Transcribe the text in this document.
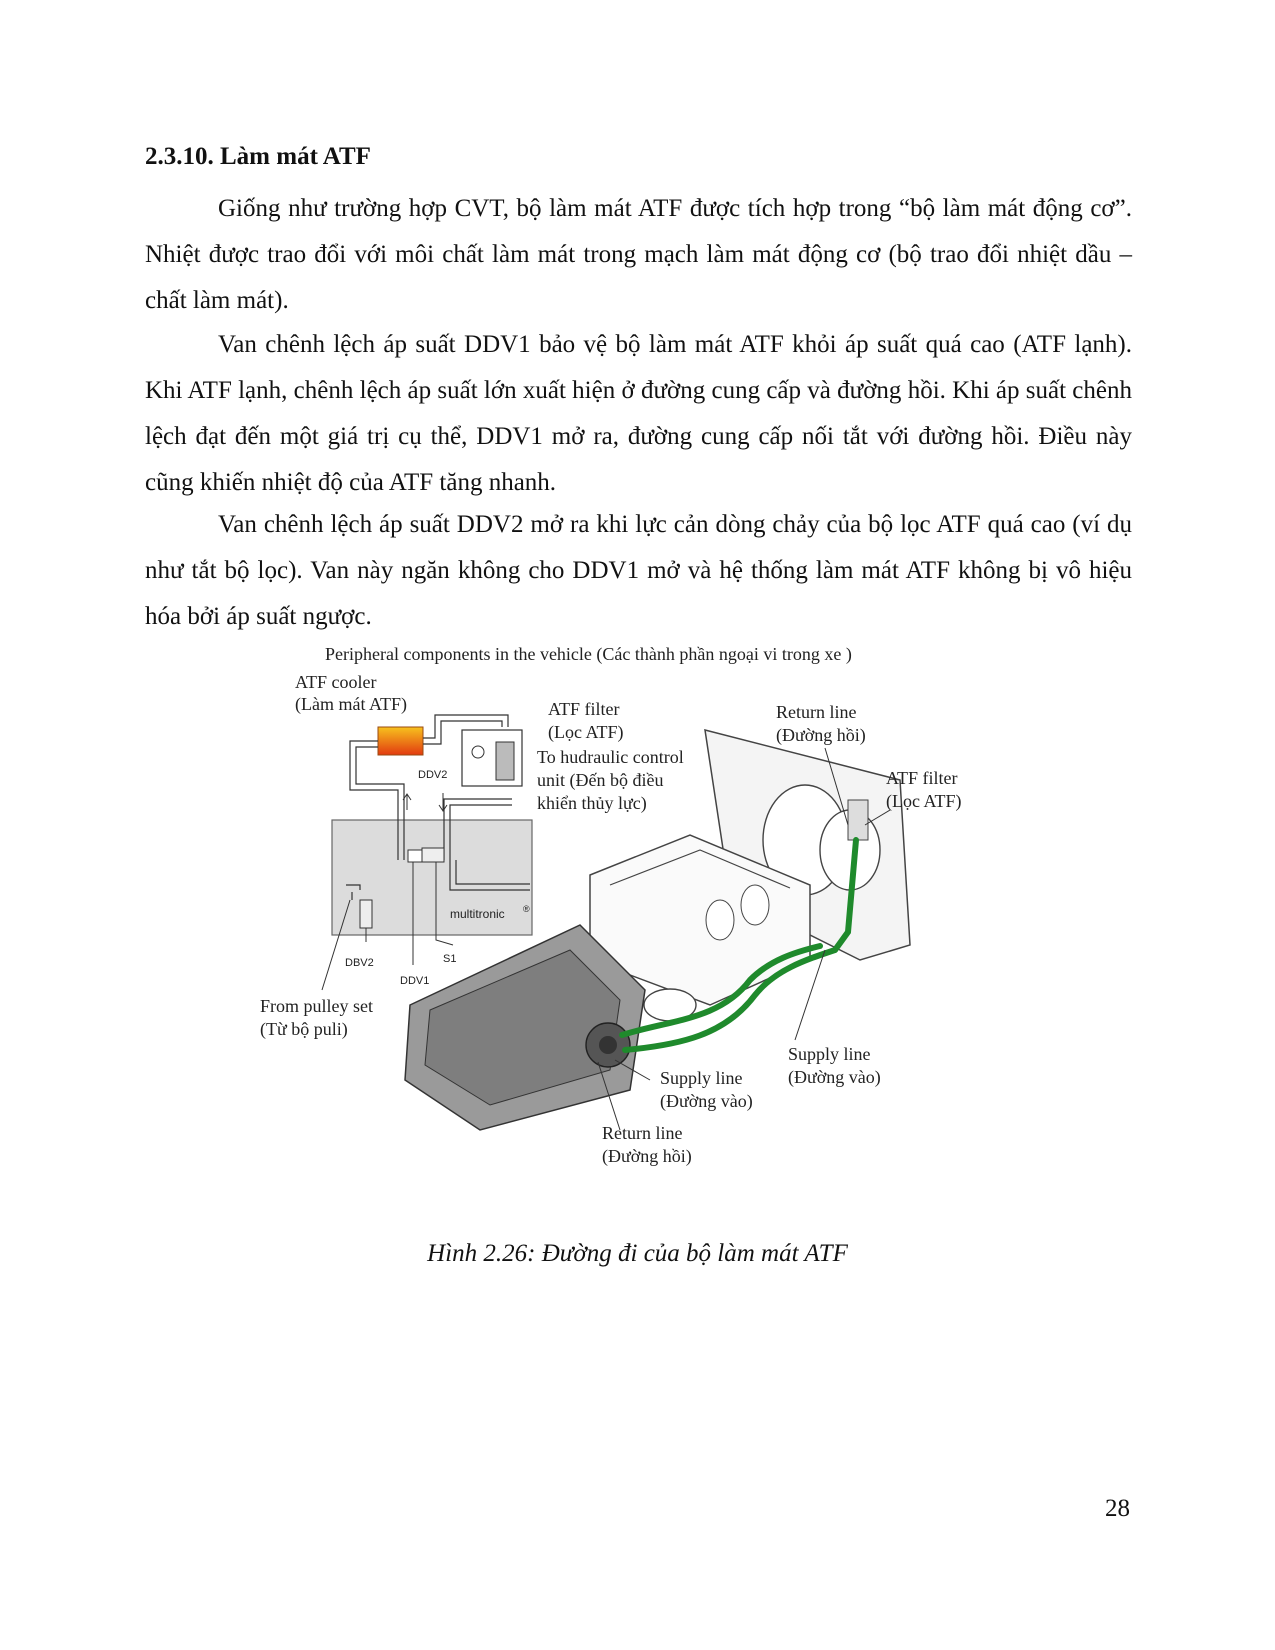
2.3.10. Làm mát ATF

Giống như trường hợp CVT, bộ làm mát ATF được tích hợp trong “bộ làm mát động cơ”. Nhiệt được trao đổi với môi chất làm mát trong mạch làm mát động cơ (bộ trao đổi nhiệt dầu – chất làm mát).

Van chênh lệch áp suất DDV1 bảo vệ bộ làm mát ATF khỏi áp suất quá cao (ATF lạnh). Khi ATF lạnh, chênh lệch áp suất lớn xuất hiện ở đường cung cấp và đường hồi. Khi áp suất chênh lệch đạt đến một giá trị cụ thể, DDV1 mở ra, đường cung cấp nối tắt với đường hồi. Điều này cũng khiến nhiệt độ của ATF tăng nhanh.

Van chênh lệch áp suất DDV2 mở ra khi lực cản dòng chảy của bộ lọc ATF quá cao (ví dụ như tắt bộ lọc). Van này ngăn không cho DDV1 mở và hệ thống làm mát ATF không bị vô hiệu hóa bởi áp suất ngược.

Peripheral components in the vehicle (Các thành phần ngoại vi trong xe )
ATF cooler
(Làm mát ATF)	ATF filter
(Lọc ATF)
To hudraulic control
unit (Đến bộ điều
khiển thủy lực)
DDV2
multitronic ®
DBV2	S1
DDV1
From pulley set
(Từ bộ puli)
Return line
(Đường hồi)
ATF filter
(Lọc ATF)
Supply line
(Đường vào)
Supply line
(Đường vào)
Return line
(Đường hồi)
Hình 2.26: Đường đi của bộ làm mát ATF
28
